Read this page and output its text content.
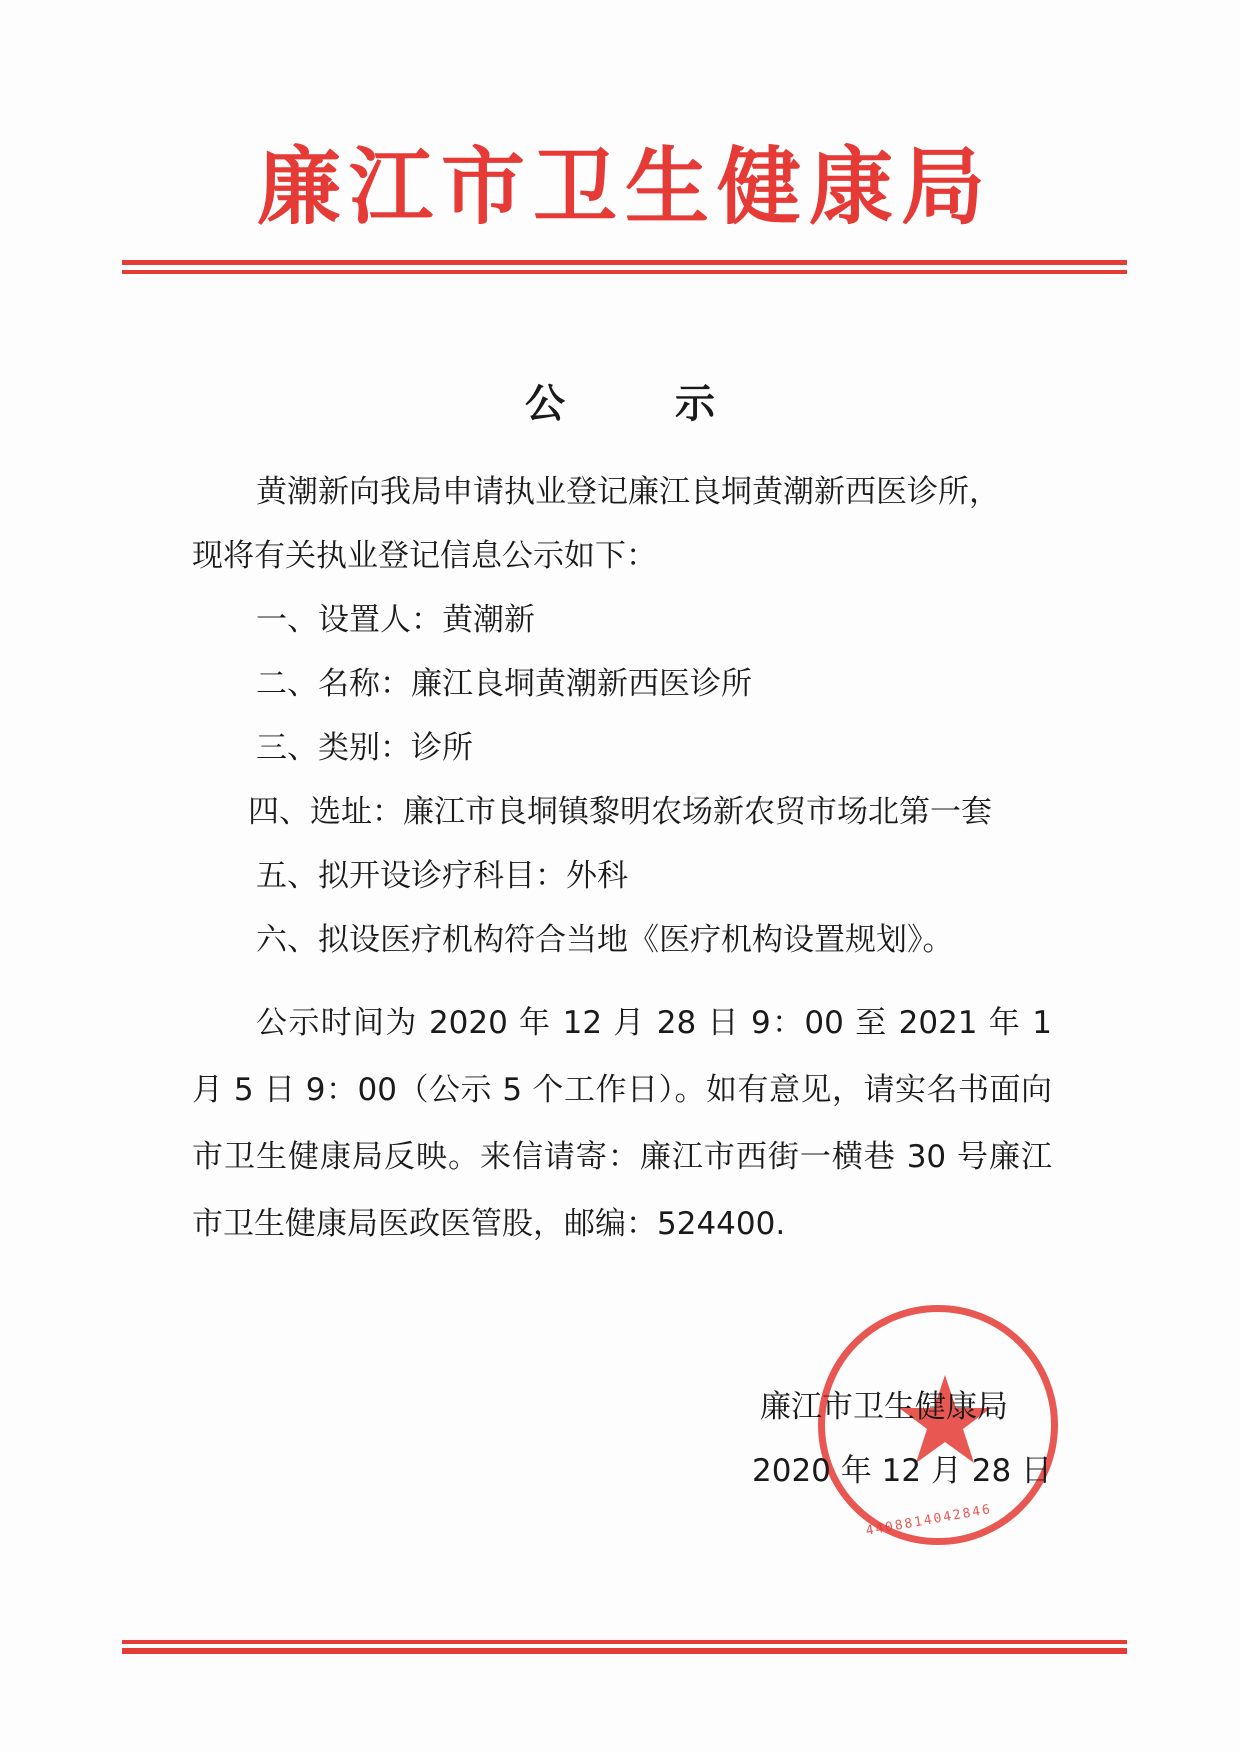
廉江市卫生健康局
公 示

黄潮新向我局申请执业登记廉江良垌黄潮新西医诊所，

现将有关执业登记信息公示如下：

一、设置人：黄潮新

二、名称：廉江良垌黄潮新西医诊所

三、类别：诊所

四、选址：廉江市良垌镇黎明农场新农贸市场北第一套

五、拟开设诊疗科目：外科

六、拟设医疗机构符合当地《医疗机构设置规划》。

公示时间为 2020 年 12 月 28 日 9：00 至 2021 年 1 月 5 日 9：00（公示 5 个工作日）。如有意见，请实名书面向市卫生健康局反映。来信请寄：廉江市西街一横巷 30 号廉江市卫生健康局医政医管股，邮编：524400.
4408814042846
廉江市卫生健康局
2020 年 12 月 28 日
